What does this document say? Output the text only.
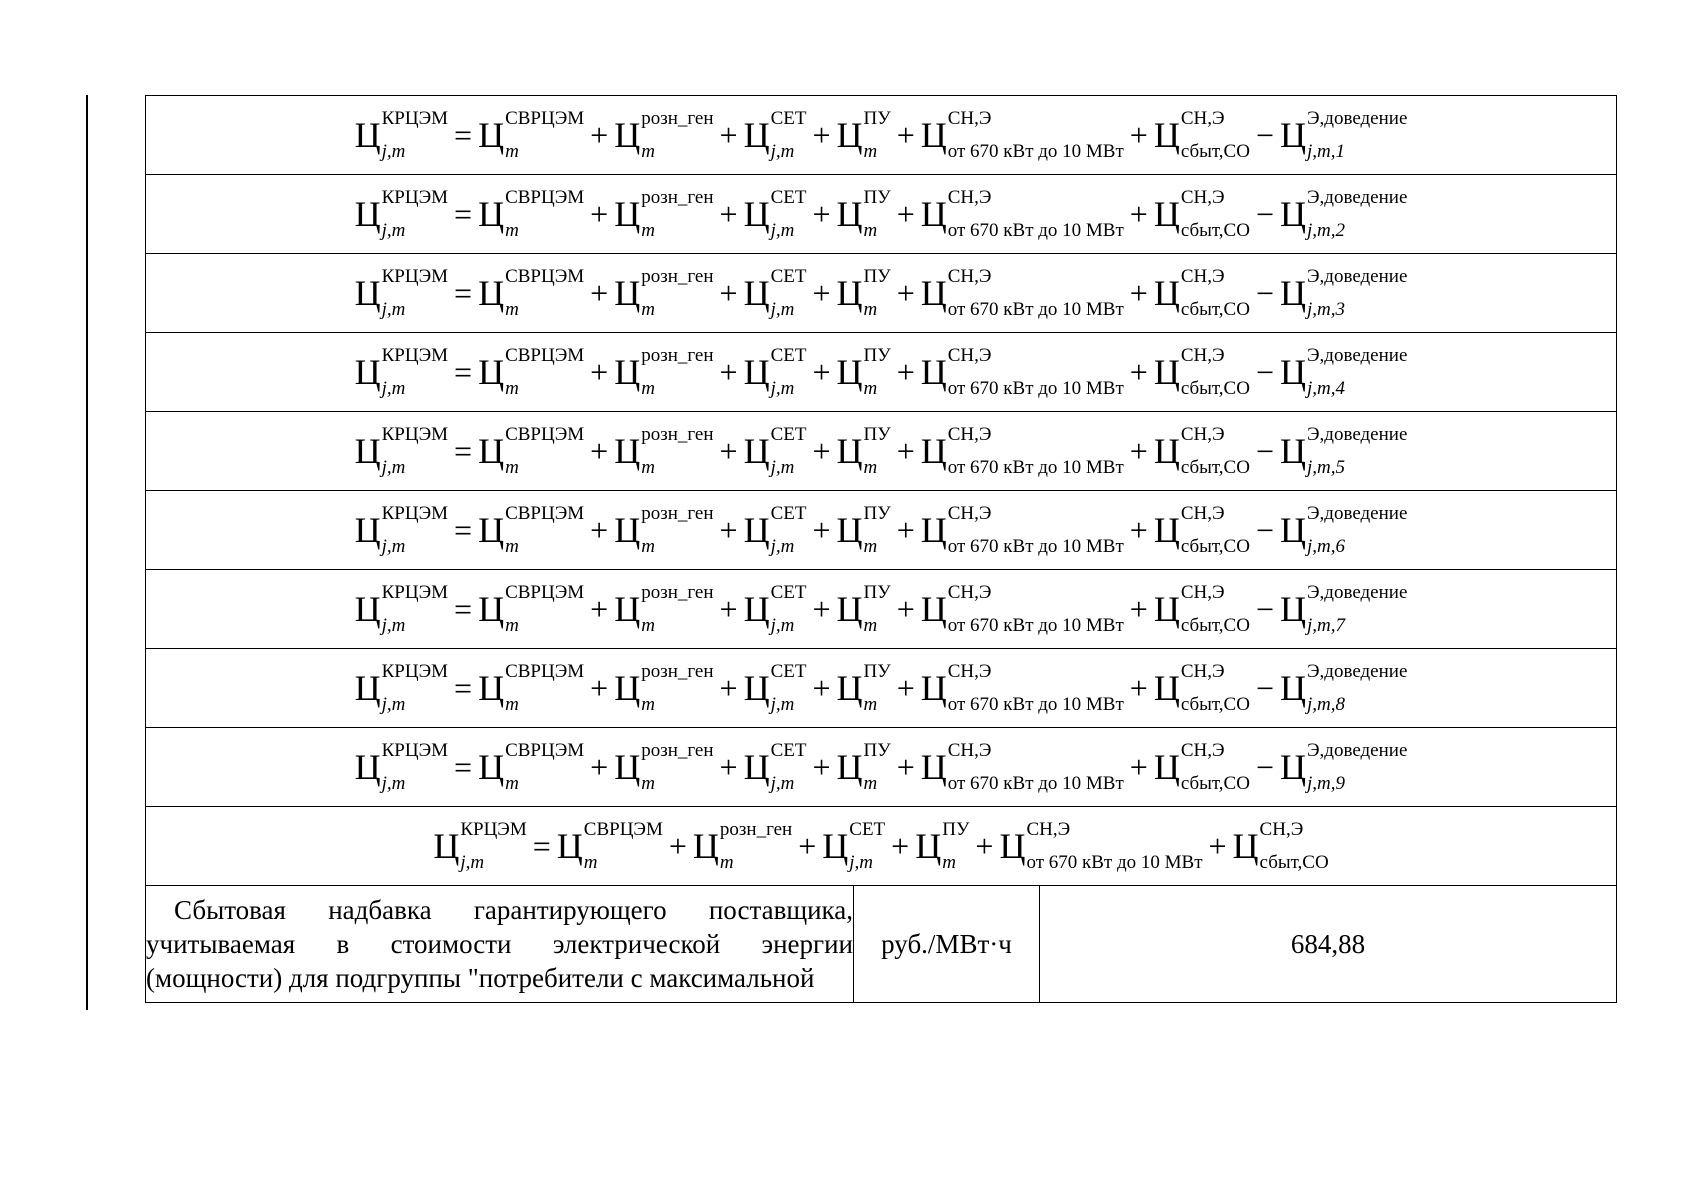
Ц КРЦЭМ
j,m	= Ц СВРЦЭМ
m	+ Ц розн_ген
m	+ Ц СЕТ
j,m + Ц ПУ
m + Ц СН,Э
от 670 кВт до 10 МВт + Ц СН,Э
сбыт,СО − Ц Э,доведение
j,m,1

Ц КРЦЭМ
j,m	= Ц СВРЦЭМ
m	+ Ц розн_ген
m	+ Ц СЕТ
j,m + Ц ПУ
m + Ц СН,Э
от 670 кВт до 10 МВт + Ц СН,Э
сбыт,СО − Ц Э,доведение
j,m,2

Ц КРЦЭМ
j,m	= Ц СВРЦЭМ
m	+ Ц розн_ген
m	+ Ц СЕТ
j,m + Ц ПУ
m + Ц СН,Э
от 670 кВт до 10 МВт + Ц СН,Э
сбыт,СО − Ц Э,доведение
j,m,3

Ц КРЦЭМ
j,m	= Ц СВРЦЭМ
m	+ Ц розн_ген
m	+ Ц СЕТ
j,m + Ц ПУ
m + Ц СН,Э
от 670 кВт до 10 МВт + Ц СН,Э
сбыт,СО − Ц Э,доведение
j,m,4

Ц КРЦЭМ
j,m	= Ц СВРЦЭМ
m	+ Ц розн_ген
m	+ Ц СЕТ
j,m + Ц ПУ
m + Ц СН,Э
от 670 кВт до 10 МВт + Ц СН,Э
сбыт,СО − Ц Э,доведение
j,m,5

Ц КРЦЭМ
j,m	= Ц СВРЦЭМ
m	+ Ц розн_ген
m	+ Ц СЕТ
j,m + Ц ПУ
m + Ц СН,Э
от 670 кВт до 10 МВт + Ц СН,Э
сбыт,СО − Ц Э,доведение
j,m,6

Ц КРЦЭМ
j,m	= Ц СВРЦЭМ
m	+ Ц розн_ген
m	+ Ц СЕТ
j,m + Ц ПУ
m + Ц СН,Э
от 670 кВт до 10 МВт + Ц СН,Э
сбыт,СО − Ц Э,доведение
j,m,7

Ц КРЦЭМ
j,m	= Ц СВРЦЭМ
m	+ Ц розн_ген
m	+ Ц СЕТ
j,m + Ц ПУ
m + Ц СН,Э
от 670 кВт до 10 МВт + Ц СН,Э
сбыт,СО − Ц Э,доведение
j,m,8

Ц КРЦЭМ
j,m	= Ц СВРЦЭМ
m	+ Ц розн_ген
m	+ Ц СЕТ
j,m + Ц ПУ
m + Ц СН,Э
от 670 кВт до 10 МВт + Ц СН,Э
сбыт,СО − Ц Э,доведение
j,m,9

Ц КРЦЭМ
j,m	= Ц СВРЦЭМ
m	+ Ц розн_ген
m	+ Ц СЕТ
j,m + Ц ПУ
m + Ц СН,Э
от 670 кВт до 10 МВт + Ц СН,Э
сбыт,СО

Сбытовая надбавка гарантирующего поставщика, учитываемая в стоимости электрической энергии (мощности) для подгруппы "потребители с максимальной
	руб./МВт·ч	684,88
